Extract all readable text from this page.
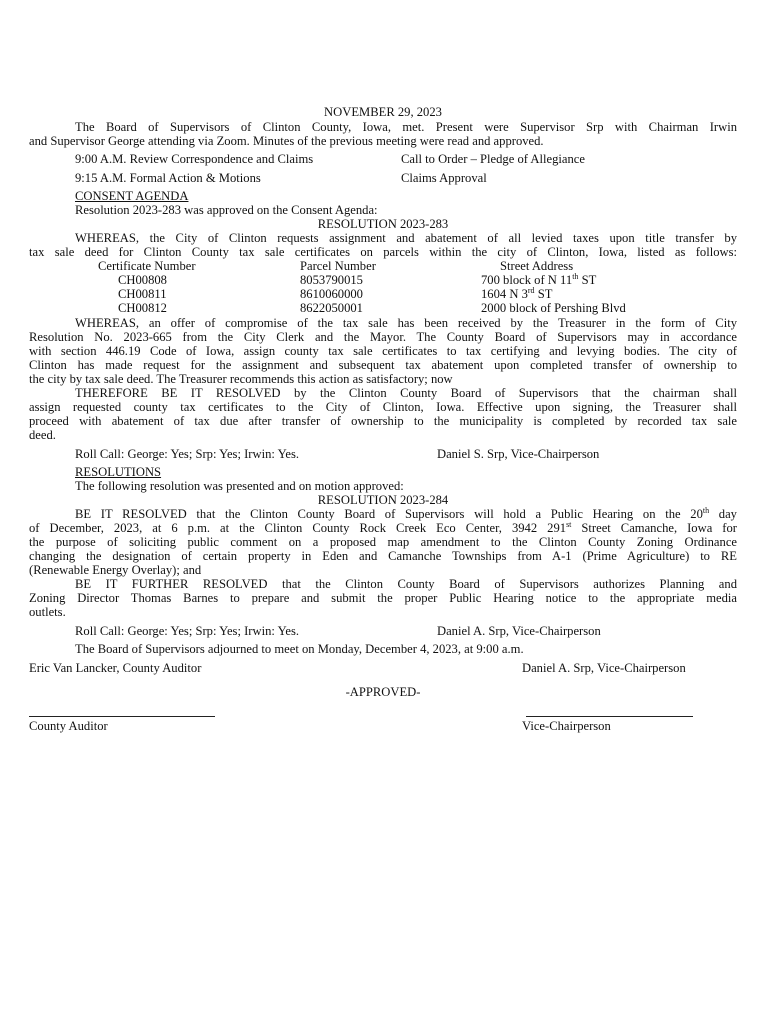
NOVEMBER 29, 2023
The Board of Supervisors of Clinton County, Iowa, met. Present were Supervisor Srp with Chairman Irwin
and Supervisor George attending via Zoom. Minutes of the previous meeting were read and approved.
9:00 A.M. Review Correspondence and Claims	Call to Order – Pledge of Allegiance
9:15 A.M. Formal Action & Motions	Claims Approval
CONSENT AGENDA
Resolution 2023-283 was approved on the Consent Agenda:
RESOLUTION 2023-283
WHEREAS, the City of Clinton requests assignment and abatement of all levied taxes upon title transfer by
tax sale deed for Clinton County tax sale certificates on parcels within the city of Clinton, Iowa, listed as follows:
Certificate Number	Parcel Number	Street Address
CH00808	8053790015	700 block of N 11th ST
CH00811	8610060000	1604 N 3rd ST
CH00812	8622050001	2000 block of Pershing Blvd
WHEREAS, an offer of compromise of the tax sale has been received by the Treasurer in the form of City
Resolution No. 2023-665 from the City Clerk and the Mayor. The County Board of Supervisors may in accordance
with section 446.19 Code of Iowa, assign county tax sale certificates to tax certifying and levying bodies. The city of
Clinton has made request for the assignment and subsequent tax abatement upon completed transfer of ownership to
the city by tax sale deed. The Treasurer recommends this action as satisfactory; now
THEREFORE BE IT RESOLVED by the Clinton County Board of Supervisors that the chairman shall
assign requested county tax certificates to the City of Clinton, Iowa. Effective upon signing, the Treasurer shall
proceed with abatement of tax due after transfer of ownership to the municipality is completed by recorded tax sale
deed.
Roll Call: George: Yes; Srp: Yes; Irwin: Yes.	Daniel S. Srp, Vice-Chairperson
RESOLUTIONS
The following resolution was presented and on motion approved:
RESOLUTION 2023-284
BE IT RESOLVED that the Clinton County Board of Supervisors will hold a Public Hearing on the 20th day
of December, 2023, at 6 p.m. at the Clinton County Rock Creek Eco Center, 3942 291st Street Camanche, Iowa for
the purpose of soliciting public comment on a proposed map amendment to the Clinton County Zoning Ordinance
changing the designation of certain property in Eden and Camanche Townships from A-1 (Prime Agriculture) to RE
(Renewable Energy Overlay); and
BE IT FURTHER RESOLVED that the Clinton County Board of Supervisors authorizes Planning and
Zoning Director Thomas Barnes to prepare and submit the proper Public Hearing notice to the appropriate media
outlets.
Roll Call: George: Yes; Srp: Yes; Irwin: Yes.	Daniel A. Srp, Vice-Chairperson
The Board of Supervisors adjourned to meet on Monday, December 4, 2023, at 9:00 a.m.
Eric Van Lancker, County Auditor	Daniel A. Srp, Vice-Chairperson
-APPROVED-
County Auditor	Vice-Chairperson
